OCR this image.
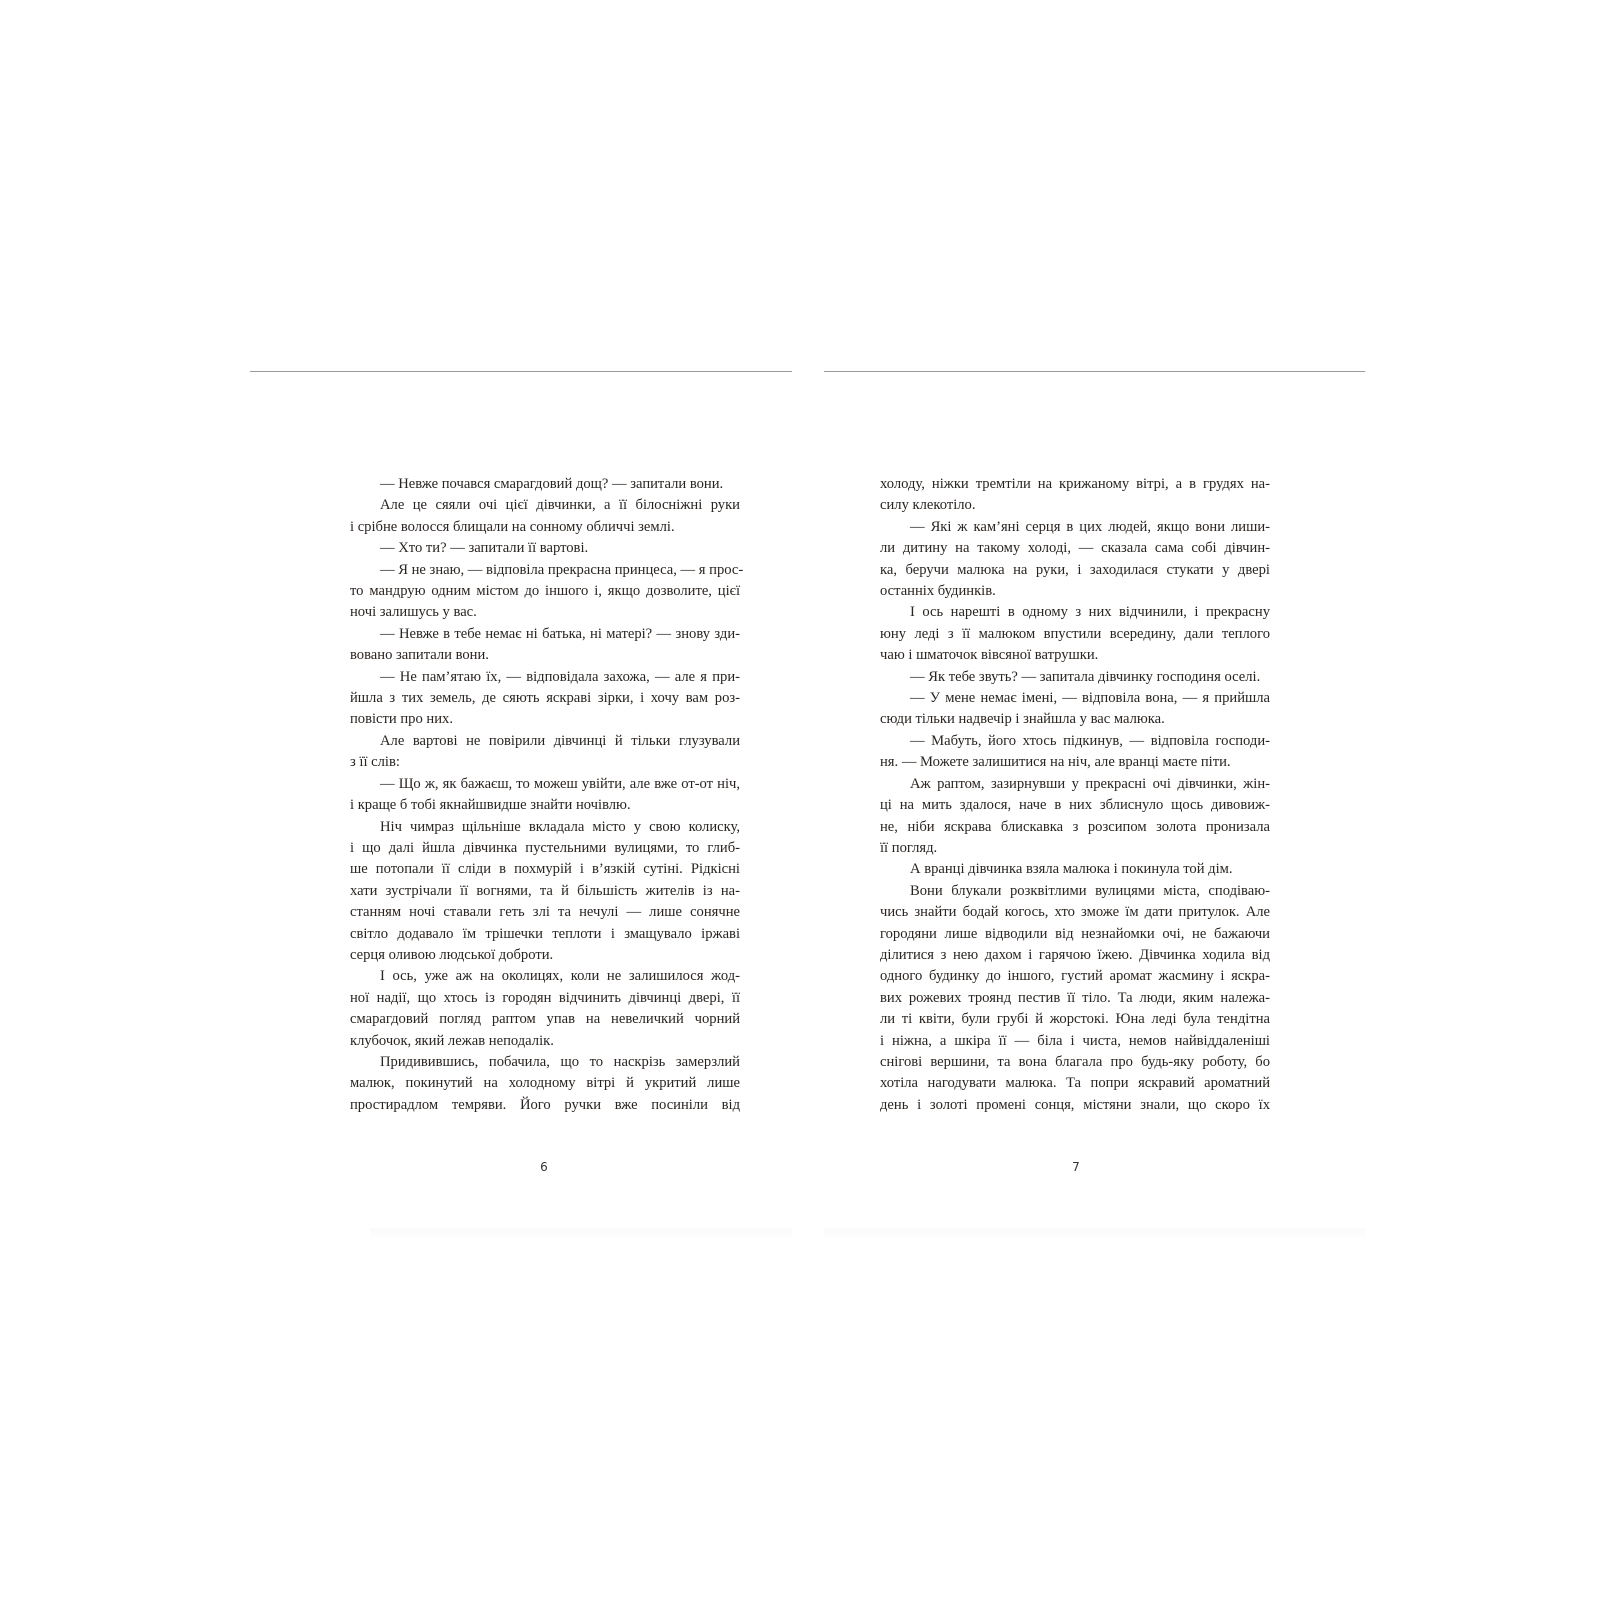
— Невже почався смарагдовий дощ? — запитали вони.
Але це сяяли очі цієї дівчинки, а її білосніжні руки
і срібне волосся блищали на сонному обличчі землі.
— Хто ти? — запитали її вартові.
— Я не знаю, — відповіла прекрасна принцеса, — я прос-
то мандрую одним містом до іншого і, якщо дозволите, цієї
ночі залишусь у вас.
— Невже в тебе немає ні батька, ні матері? — знову зди-
вовано запитали вони.
— Не пам’ятаю їх, — відповідала захожа, — але я при-
йшла з тих земель, де сяють яскраві зірки, і хочу вам роз-
повісти про них.
Але вартові не повірили дівчинці й тільки глузували
з її слів:
— Що ж, як бажаєш, то можеш увійти, але вже от-от ніч,
і краще б тобі якнайшвидше знайти ночівлю.
Ніч чимраз щільніше вкладала місто у свою колиску,
і що далі йшла дівчинка пустельними вулицями, то глиб-
ше потопали її сліди в похмурій і в’язкій сутіні. Рідкісні
хати зустрічали її вогнями, та й більшість жителів із на-
станням ночі ставали геть злі та нечулі — лише сонячне
світло додавало їм трішечки теплоти і змащувало іржаві
серця оливою людської доброти.
І ось, уже аж на околицях, коли не залишилося жод-
ної надії, що хтось із городян відчинить дівчинці двері, її
смарагдовий погляд раптом упав на невеличкий чорний
клубочок, який лежав неподалік.
Придивившись, побачила, що то наскрізь замерзлий
малюк, покинутий на холодному вітрі й укритий лише
простирадлом темряви. Його ручки вже посиніли від
6
холоду, ніжки тремтіли на крижаному вітрі, а в грудях на-
силу клекотіло.
— Які ж кам’яні серця в цих людей, якщо вони лиши-
ли дитину на такому холоді, — сказала сама собі дівчин-
ка, беручи малюка на руки, і заходилася стукати у двері
останніх будинків.
І ось нарешті в одному з них відчинили, і прекрасну
юну леді з її малюком впустили всередину, дали теплого
чаю і шматочок вівсяної ватрушки.
— Як тебе звуть? — запитала дівчинку господиня оселі.
— У мене немає імені, — відповіла вона, — я прийшла
сюди тільки надвечір і знайшла у вас малюка.
— Мабуть, його хтось підкинув, — відповіла господи-
ня. — Можете залишитися на ніч, але вранці маєте піти.
Аж раптом, зазирнувши у прекрасні очі дівчинки, жін-
ці на мить здалося, наче в них зблиснуло щось дивовиж-
не, ніби яскрава блискавка з розсипом золота пронизала
її погляд.
А вранці дівчинка взяла малюка і покинула той дім.
Вони блукали розквітлими вулицями міста, сподіваю-
чись знайти бодай когось, хто зможе їм дати притулок. Але
городяни лише відводили від незнайомки очі, не бажаючи
ділитися з нею дахом і гарячою їжею. Дівчинка ходила від
одного будинку до іншого, густий аромат жасмину і яскра-
вих рожевих троянд пестив її тіло. Та люди, яким належа-
ли ті квіти, були грубі й жорстокі. Юна леді була тендітна
і ніжна, а шкіра її — біла і чиста, немов найвіддаленіші
снігові вершини, та вона благала про будь-яку роботу, бо
хотіла нагодувати малюка. Та попри яскравий ароматний
день і золоті промені сонця, містяни знали, що скоро їх
7
